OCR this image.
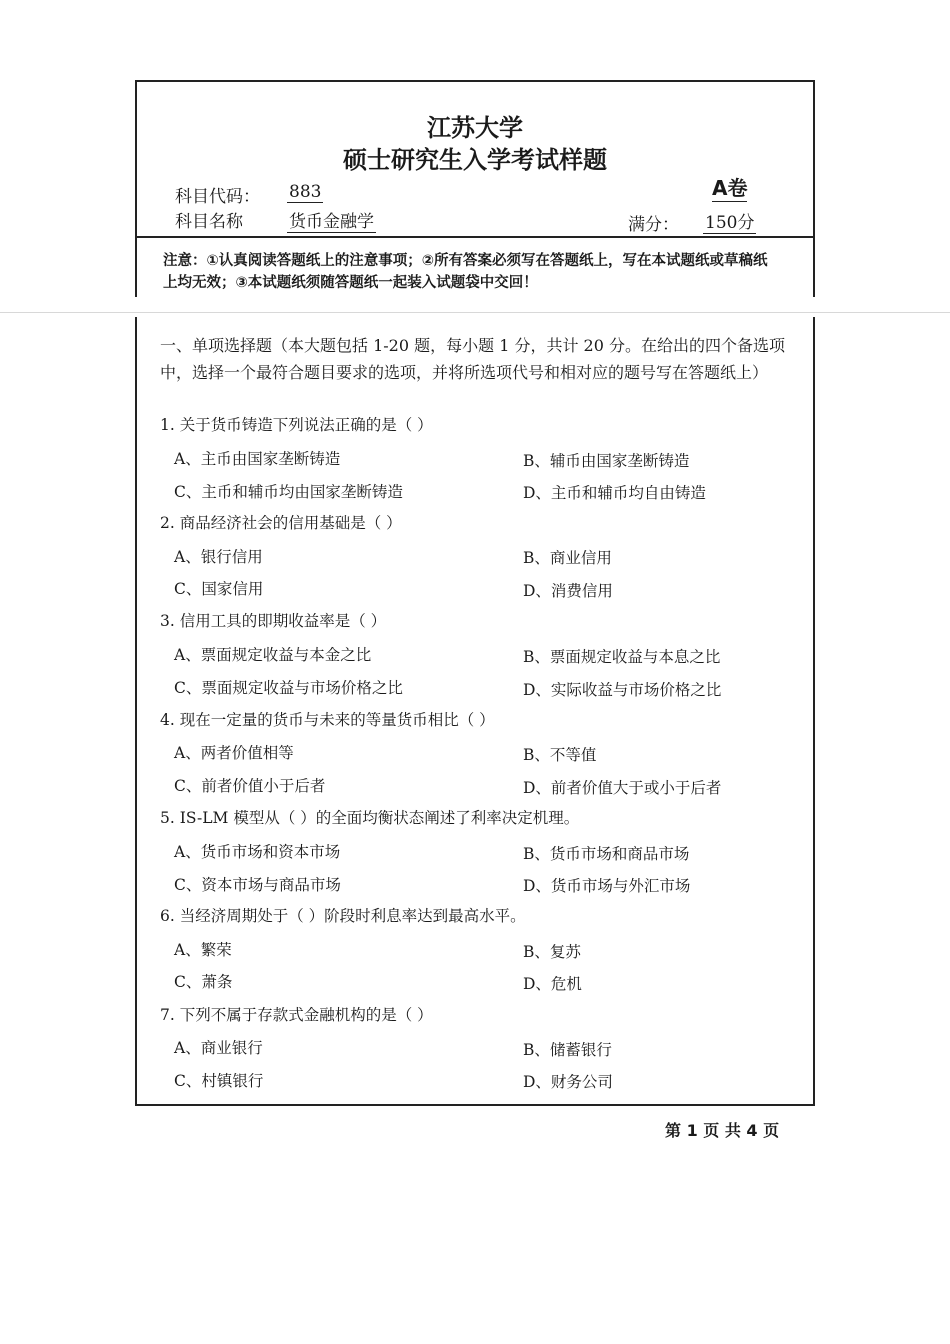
江苏大学
硕士研究生入学考试样题
科目代码： 883	A卷
科目名称	货币金融学	满分： 150分
注意：①认真阅读答题纸上的注意事项；②所有答案必须写在答题纸上，写在本试题纸或草稿纸上均无效；③本试题纸须随答题纸一起装入试题袋中交回！
一、单项选择题（本大题包括 1-20 题，每小题 1 分，共计 20 分。在给出的四个备选项中，选择一个最符合题目要求的选项，并将所选项代号和相对应的题号写在答题纸上）
1. 关于货币铸造下列说法正确的是（ ）
A、主币由国家垄断铸造	B、辅币由国家垄断铸造
C、主币和辅币均由国家垄断铸造	D、主币和辅币均自由铸造
2. 商品经济社会的信用基础是（ ）
A、银行信用	B、商业信用
C、国家信用	D、消费信用
3. 信用工具的即期收益率是（ ）
A、票面规定收益与本金之比	B、票面规定收益与本息之比
C、票面规定收益与市场价格之比	D、实际收益与市场价格之比
4. 现在一定量的货币与未来的等量货币相比（ ）
A、两者价值相等	B、不等值
C、前者价值小于后者	D、前者价值大于或小于后者
5. IS-LM 模型从（ ）的全面均衡状态阐述了利率决定机理。
A、货币市场和资本市场	B、货币市场和商品市场
C、资本市场与商品市场	D、货币市场与外汇市场
6. 当经济周期处于（ ）阶段时利息率达到最高水平。
A、繁荣	B、复苏
C、萧条	D、危机
7. 下列不属于存款式金融机构的是（ ）
A、商业银行	B、储蓄银行
C、村镇银行	D、财务公司
第 1 页 共 4 页
